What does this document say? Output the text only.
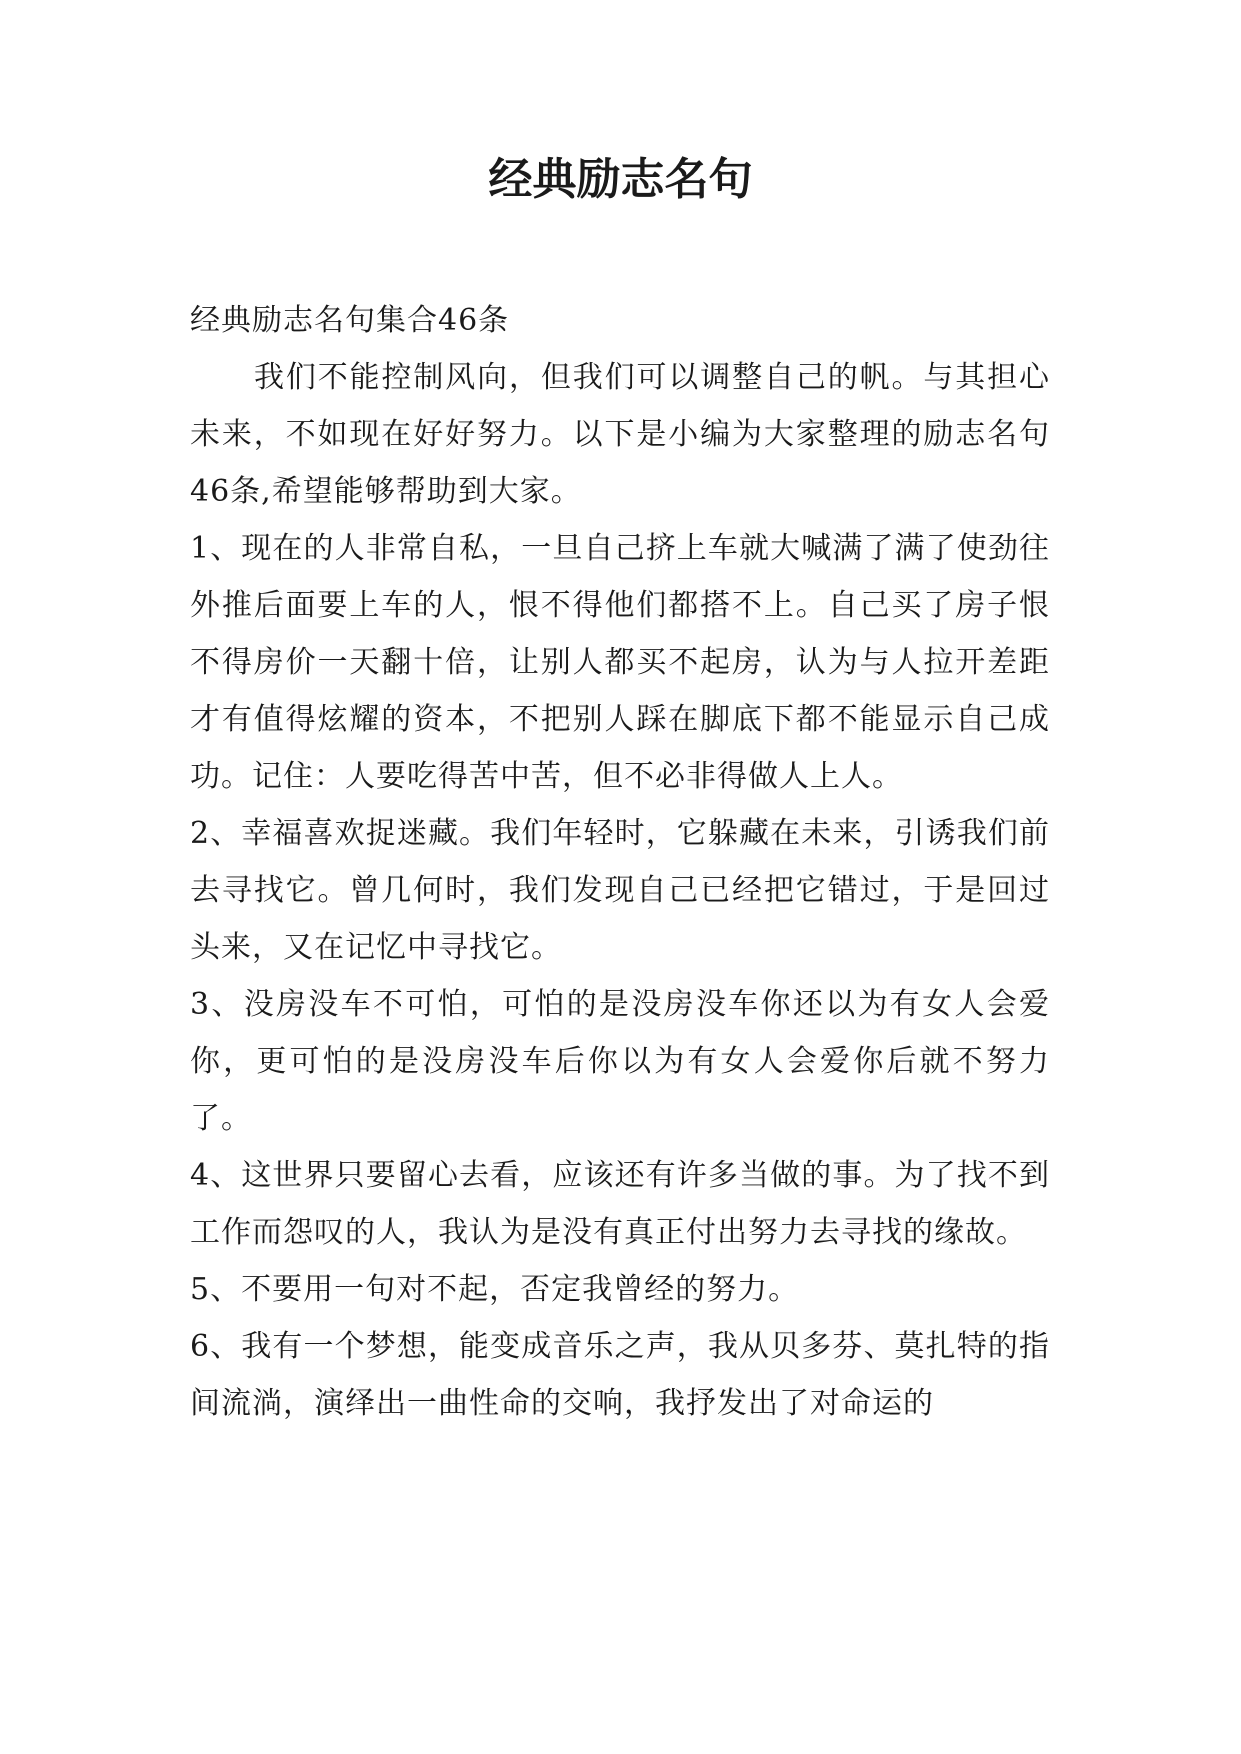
经典励志名句

经典励志名句集合46条

我们不能控制风向，但我们可以调整自己的帆。与其担心未来，不如现在好好努力。以下是小编为大家整理的励志名句46条,希望能够帮助到大家。

1、现在的人非常自私，一旦自己挤上车就大喊满了满了使劲往外推后面要上车的人，恨不得他们都搭不上。自己买了房子恨不得房价一天翻十倍，让别人都买不起房，认为与人拉开差距才有值得炫耀的资本，不把别人踩在脚底下都不能显示自己成功。记住：人要吃得苦中苦，但不必非得做人上人。

2、幸福喜欢捉迷藏。我们年轻时，它躲藏在未来，引诱我们前去寻找它。曾几何时，我们发现自己已经把它错过，于是回过头来，又在记忆中寻找它。

3、没房没车不可怕，可怕的是没房没车你还以为有女人会爱你，更可怕的是没房没车后你以为有女人会爱你后就不努力了。

4、这世界只要留心去看，应该还有许多当做的事。为了找不到工作而怨叹的人，我认为是没有真正付出努力去寻找的缘故。

5、不要用一句对不起，否定我曾经的努力。

6、我有一个梦想，能变成音乐之声，我从贝多芬、莫扎特的指间流淌，演绎出一曲性命的交响，我抒发出了对命运的
